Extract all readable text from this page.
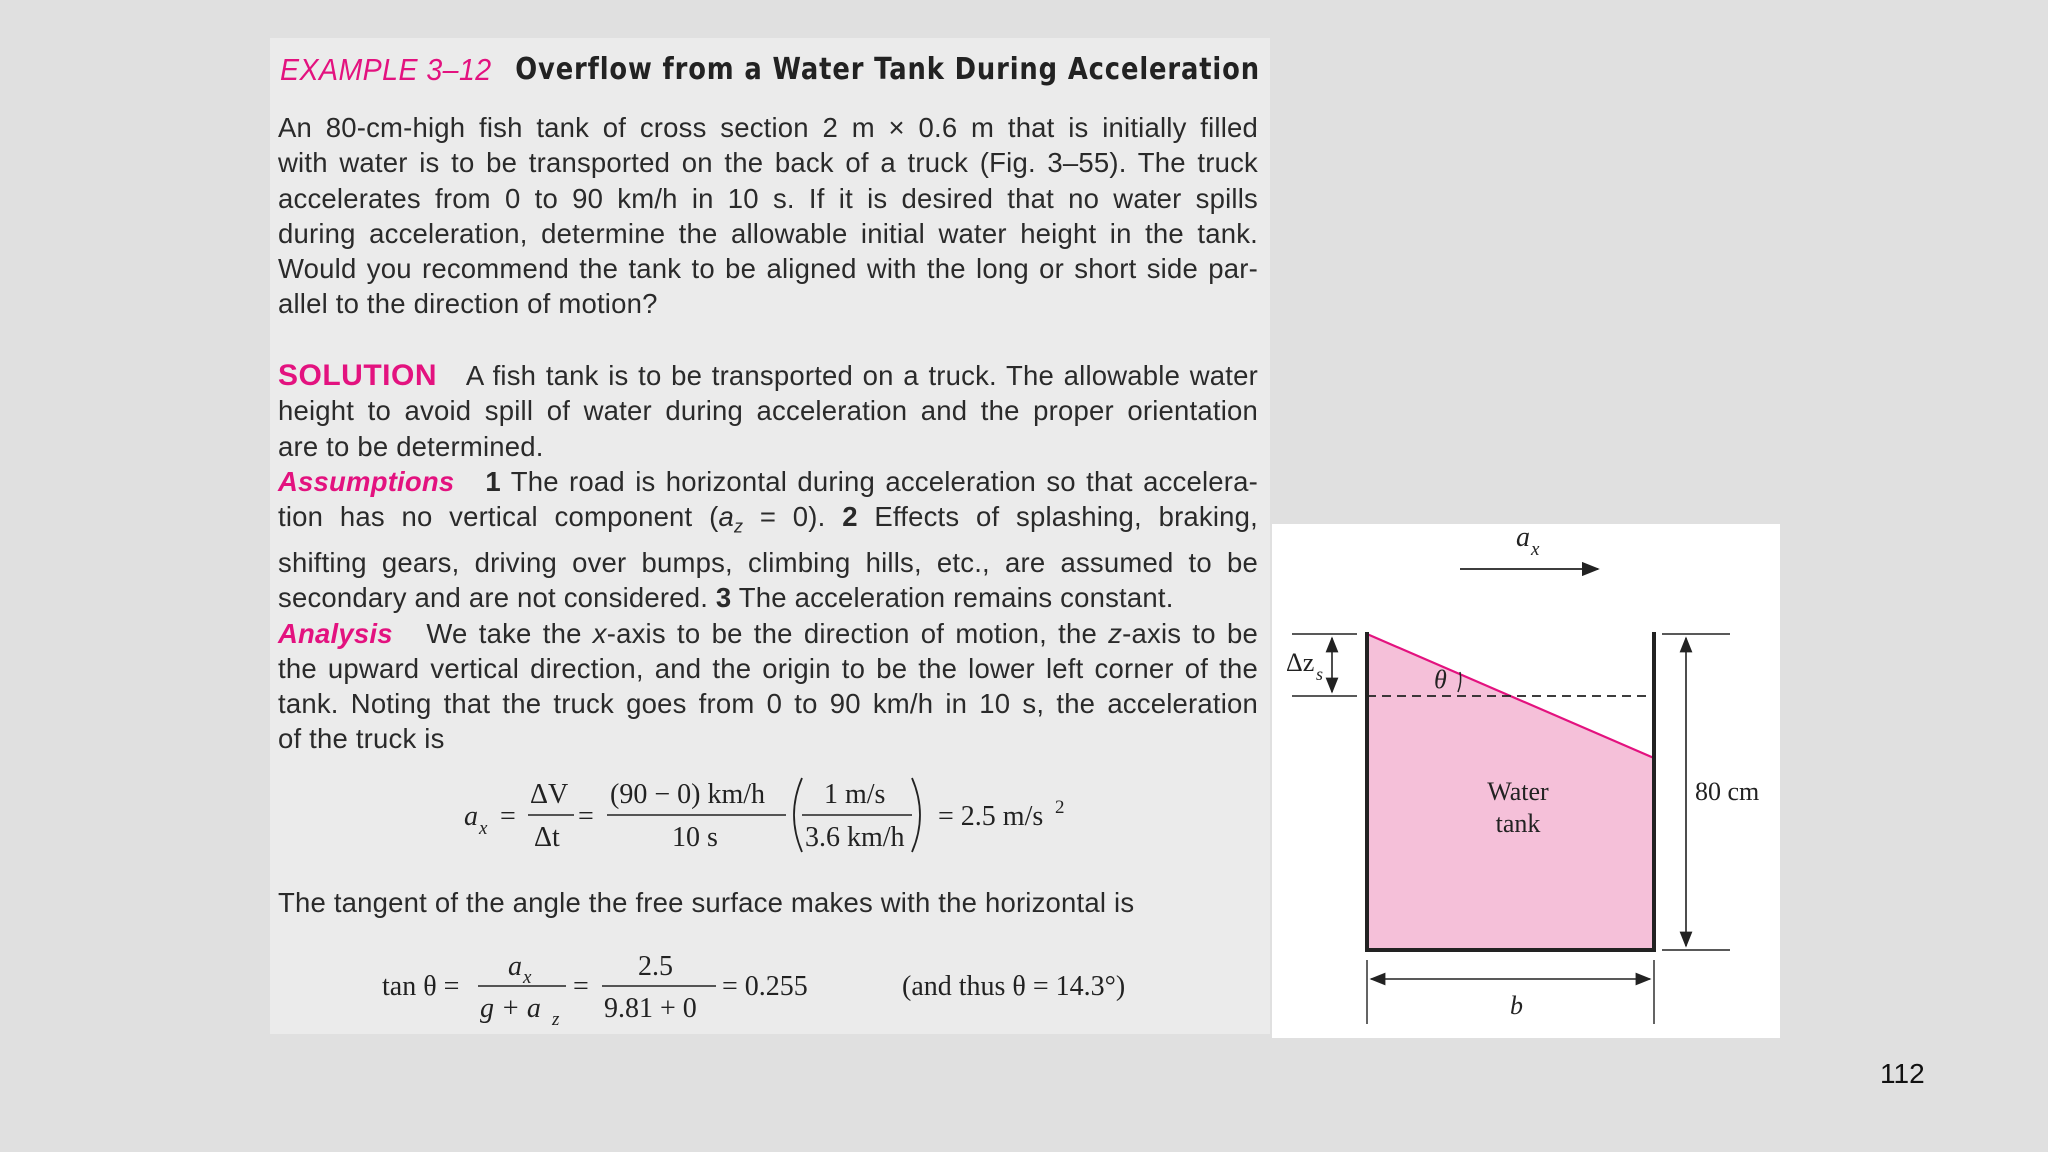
EXAMPLE 3–12 Overflow from a Water Tank During Acceleration
An 80-cm-high fish tank of cross section 2 m × 0.6 m that is initially filled
with water is to be transported on the back of a truck (Fig. 3–55). The truck
accelerates from 0 to 90 km/h in 10 s. If it is desired that no water spills
during acceleration, determine the allowable initial water height in the tank.
Would you recommend the tank to be aligned with the long or short side par-
allel to the direction of motion?
SOLUTION A fish tank is to be transported on a truck. The allowable water
height to avoid spill of water during acceleration and the proper orientation
are to be determined.
Assumptions 1 The road is horizontal during acceleration so that accelera-
tion has no vertical component $(a_z = 0)$. 2 Effects of splashing, braking,
shifting gears, driving over bumps, climbing hills, etc., are assumed to be
secondary and are not considered. 3 The acceleration remains constant.
Analysis We take the x-axis to be the direction of motion, the z-axis to be
the upward vertical direction, and the origin to be the lower left corner of the
tank. Noting that the truck goes from 0 to 90 km/h in 10 s, the acceleration
of the truck is
a x =
ΔV
Δt
=
(90 − 0) km/h
10 s
1 m/s
3.6 km/h
= 2.5 m/s 2
The tangent of the angle the free surface makes with the horizontal is
tan θ =
a x
g + a z
=
2.5
9.81 + 0
= 0.255	(and thus θ = 14.3°)
a x
Δz s	θ
Water
tank
80 cm
b
112
